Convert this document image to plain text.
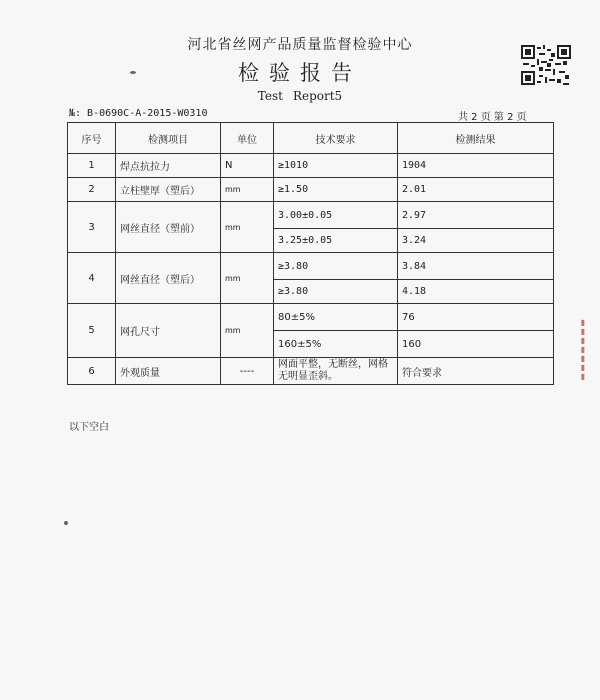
河北省丝网产品质量监督检验中心
检验报告
Test Report5
№: B-0690C-A-2015-W0310	共 2 页 第 2 页
序号	检测项目	单位	技术要求	检测结果
1	焊点抗拉力	N	≥1010	1904
2	立柱壁厚（塑后）	mm	≥1.50	2.01
3	网丝直径（塑前）	mm	3.00±0.05	2.97
			3.25±0.05	3.24
4	网丝直径（塑后）	mm	≥3.80	3.84
			≥3.80	4.18
5	网孔尺寸	mm	80±5%	76
			160±5%	160
6	外观质量	----	网面平整，无断丝，网格无明显歪斜。	符合要求
以下空白
▮
▮
▮
▮
▮
▮
▮
